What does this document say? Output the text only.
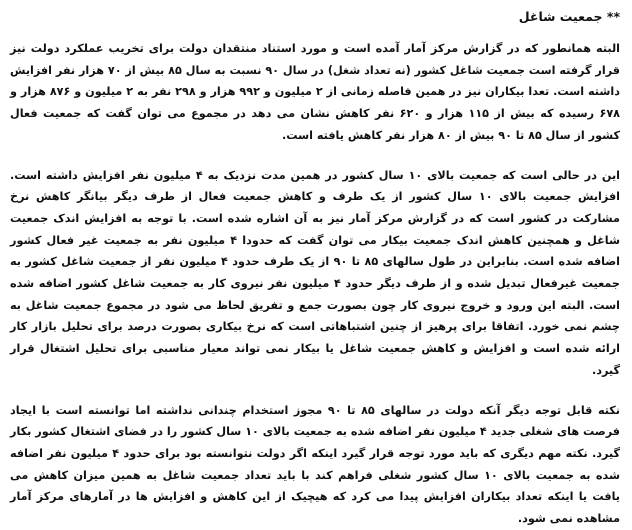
** جمعیت شاغل

البته همانطور که در گزارش مرکز آمار آمده است و مورد استناد منتقدان دولت برای تخریب عملکرد دولت نیز قرار گرفته است جمعیت شاغل کشور (نه تعداد شغل) در سال ۹۰ نسبت به سال ۸۵ بیش از ۷۰ هزار نفر افزایش داشته است. تعدا بیکاران نیز در همین فاصله زمانی از ۲ میلیون و ۹۹۲ هزار و ۲۹۸ نفر به ۲ میلیون و ۸۷۶ هزار و ۶۷۸ رسیده که بیش از ۱۱۵ هزار و ۶۲۰ نفر کاهش نشان می دهد در مجموع می توان گفت که جمعیت فعال کشور از سال ۸۵ تا ۹۰ بیش از ۸۰ هزار نفر کاهش یافته است.

این در حالی است که جمعیت بالای ۱۰ سال کشور در همین مدت نزدیک به ۴ میلیون نفر افزایش داشته است. افزایش جمعیت بالای ۱۰ سال کشور از یک طرف و کاهش جمعیت فعال از طرف دیگر بیانگر کاهش نرخ مشارکت در کشور است که در گزارش مرکز آمار نیز به آن اشاره شده است. با توجه به افزایش اندک جمعیت شاغل و همچنین کاهش اندک جمعیت بیکار می توان گفت که حدودا ۴ میلیون نفر به جمعیت غیر فعال کشور اضافه شده است. بنابراین در طول سالهای ۸۵ تا ۹۰ از یک طرف حدود ۴ میلیون نفر از جمعیت شاغل کشور به جمعیت غیرفعال تبدیل شده و از طرف دیگر حدود ۴ میلیون نفر نیروی کار به جمعیت شاغل کشور اضافه شده است. البته این ورود و خروج نیروی کار چون بصورت جمع و تفریق لحاظ می شود در مجموع جمعیت شاغل به چشم نمی خورد. اتفاقا برای پرهیز از چنین اشتباهاتی است که نرخ بیکاری بصورت درصد برای تحلیل بازار کار ارائه شده است و افزایش و کاهش جمعیت شاغل یا بیکار نمی تواند معیار مناسبی برای تحلیل اشتغال قرار گیرد.

نکته قابل توجه دیگر آنکه دولت در سالهای ۸۵ تا ۹۰ مجوز استخدام چندانی نداشته اما توانسته است با ایجاد فرصت های شغلی جدید ۴ میلیون نفر اضافه شده به جمعیت بالای ۱۰ سال کشور را در فضای اشتغال کشور بکار گیرد. نکته مهم دیگری که باید مورد توجه قرار گیرد اینکه اگر دولت نتوانسته بود برای حدود ۴ میلیون نفر اضافه شده به جمعیت بالای ۱۰ سال کشور شغلی فراهم کند با باید تعداد جمعیت شاغل به همین میزان کاهش می یافت یا اینکه تعداد بیکاران افزایش پیدا می کرد که هیچیک از این کاهش و افزایش ها در آمارهای مرکز آمار مشاهده نمی شود.
